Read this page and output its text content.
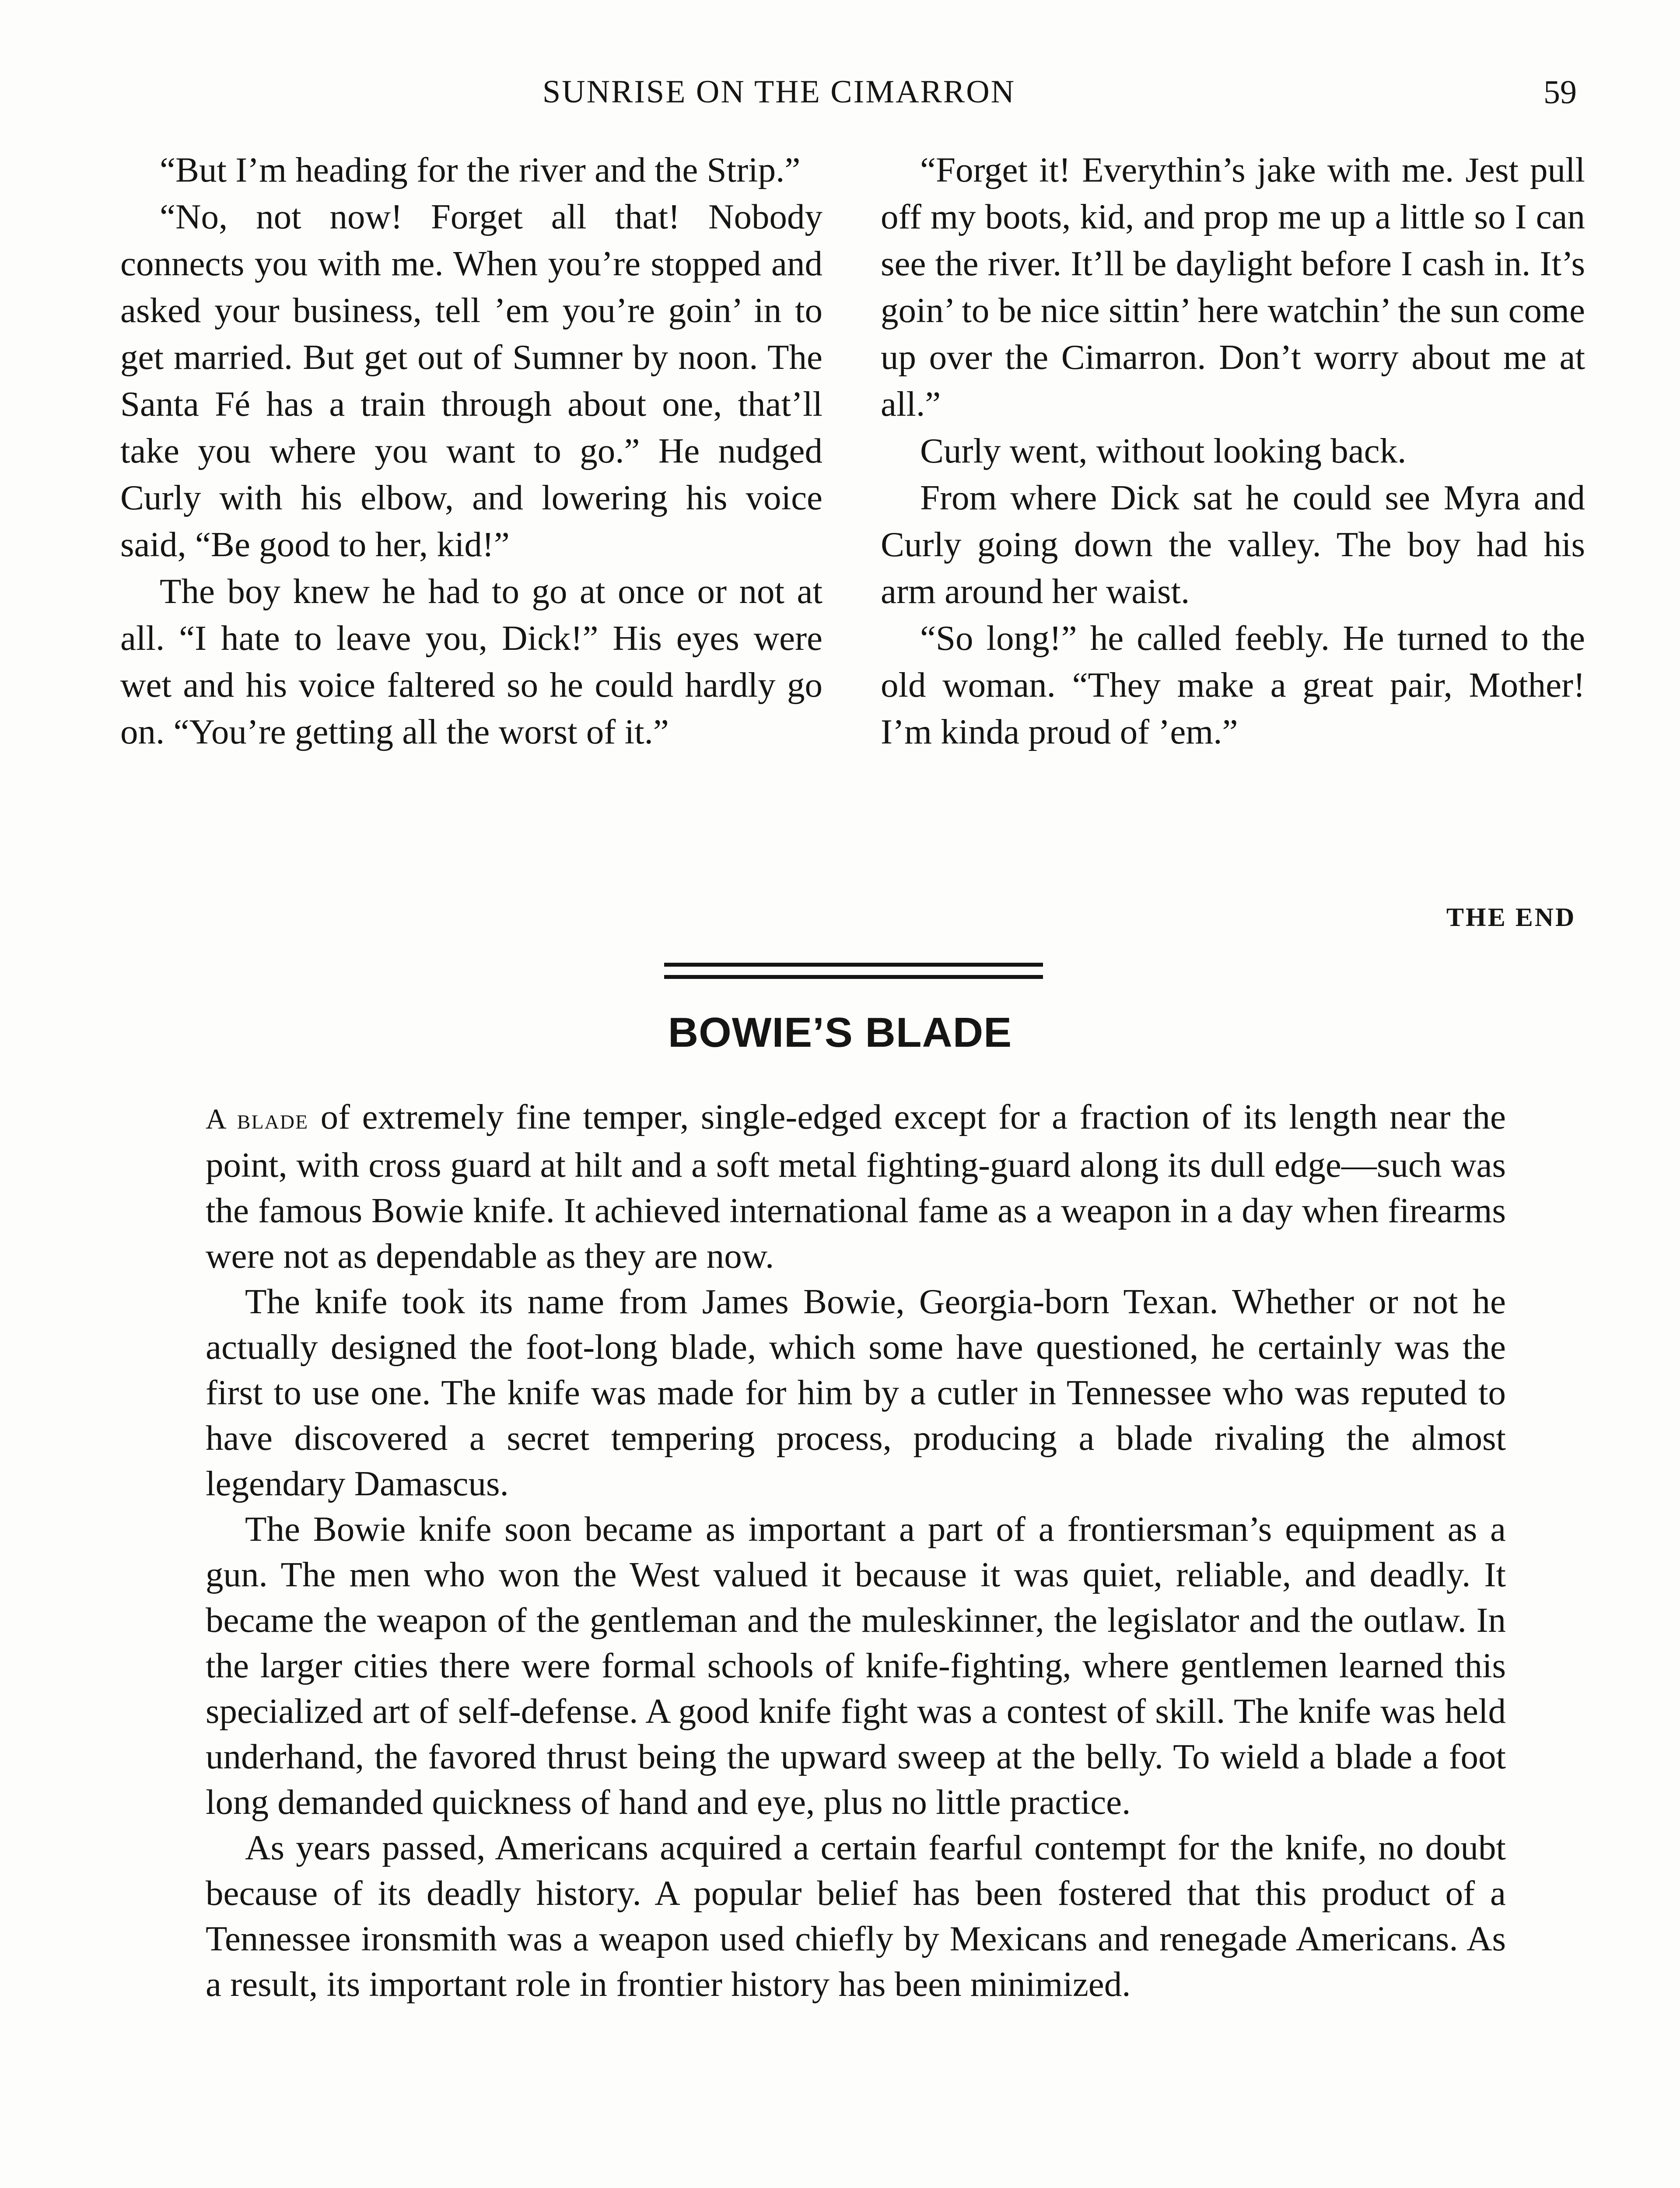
SUNRISE ON THE CIMARRON	59

“But I’m heading for the river and the Strip.”

“No, not now! Forget all that! Nobody connects you with me. When you’re stopped and asked your business, tell ’em you’re goin’ in to get married. But get out of Sumner by noon. The Santa Fé has a train through about one, that’ll take you where you want to go.” He nudged Curly with his elbow, and lowering his voice said, “Be good to her, kid!”

The boy knew he had to go at once or not at all. “I hate to leave you, Dick!” His eyes were wet and his voice faltered so he could hardly go on. “You’re getting all the worst of it.”

“Forget it! Everythin’s jake with me. Jest pull off my boots, kid, and prop me up a little so I can see the river. It’ll be daylight before I cash in. It’s goin’ to be nice sittin’ here watchin’ the sun come up over the Cimarron. Don’t worry about me at all.”

Curly went, without looking back.

From where Dick sat he could see Myra and Curly going down the valley. The boy had his arm around her waist.

“So long!” he called feebly. He turned to the old woman. “They make a great pair, Mother! I’m kinda proud of ’em.”

THE END
BOWIE’S BLADE

A blade of extremely fine temper, single-edged except for a fraction of its length near the point, with cross guard at hilt and a soft metal fighting-guard along its dull edge—such was the famous Bowie knife. It achieved international fame as a weapon in a day when firearms were not as dependable as they are now.

The knife took its name from James Bowie, Georgia-born Texan. Whether or not he actually designed the foot-long blade, which some have questioned, he certainly was the first to use one. The knife was made for him by a cutler in Tennessee who was reputed to have discovered a secret tempering process, producing a blade rivaling the almost legendary Damascus.

The Bowie knife soon became as important a part of a frontiersman’s equipment as a gun. The men who won the West valued it because it was quiet, reliable, and deadly. It became the weapon of the gentleman and the muleskinner, the legislator and the outlaw. In the larger cities there were formal schools of knife-fighting, where gentlemen learned this specialized art of self-defense. A good knife fight was a contest of skill. The knife was held underhand, the favored thrust being the upward sweep at the belly. To wield a blade a foot long demanded quickness of hand and eye, plus no little practice.

As years passed, Americans acquired a certain fearful contempt for the knife, no doubt because of its deadly history. A popular belief has been fostered that this product of a Tennessee ironsmith was a weapon used chiefly by Mexicans and renegade Americans. As a result, its important role in frontier history has been minimized.
